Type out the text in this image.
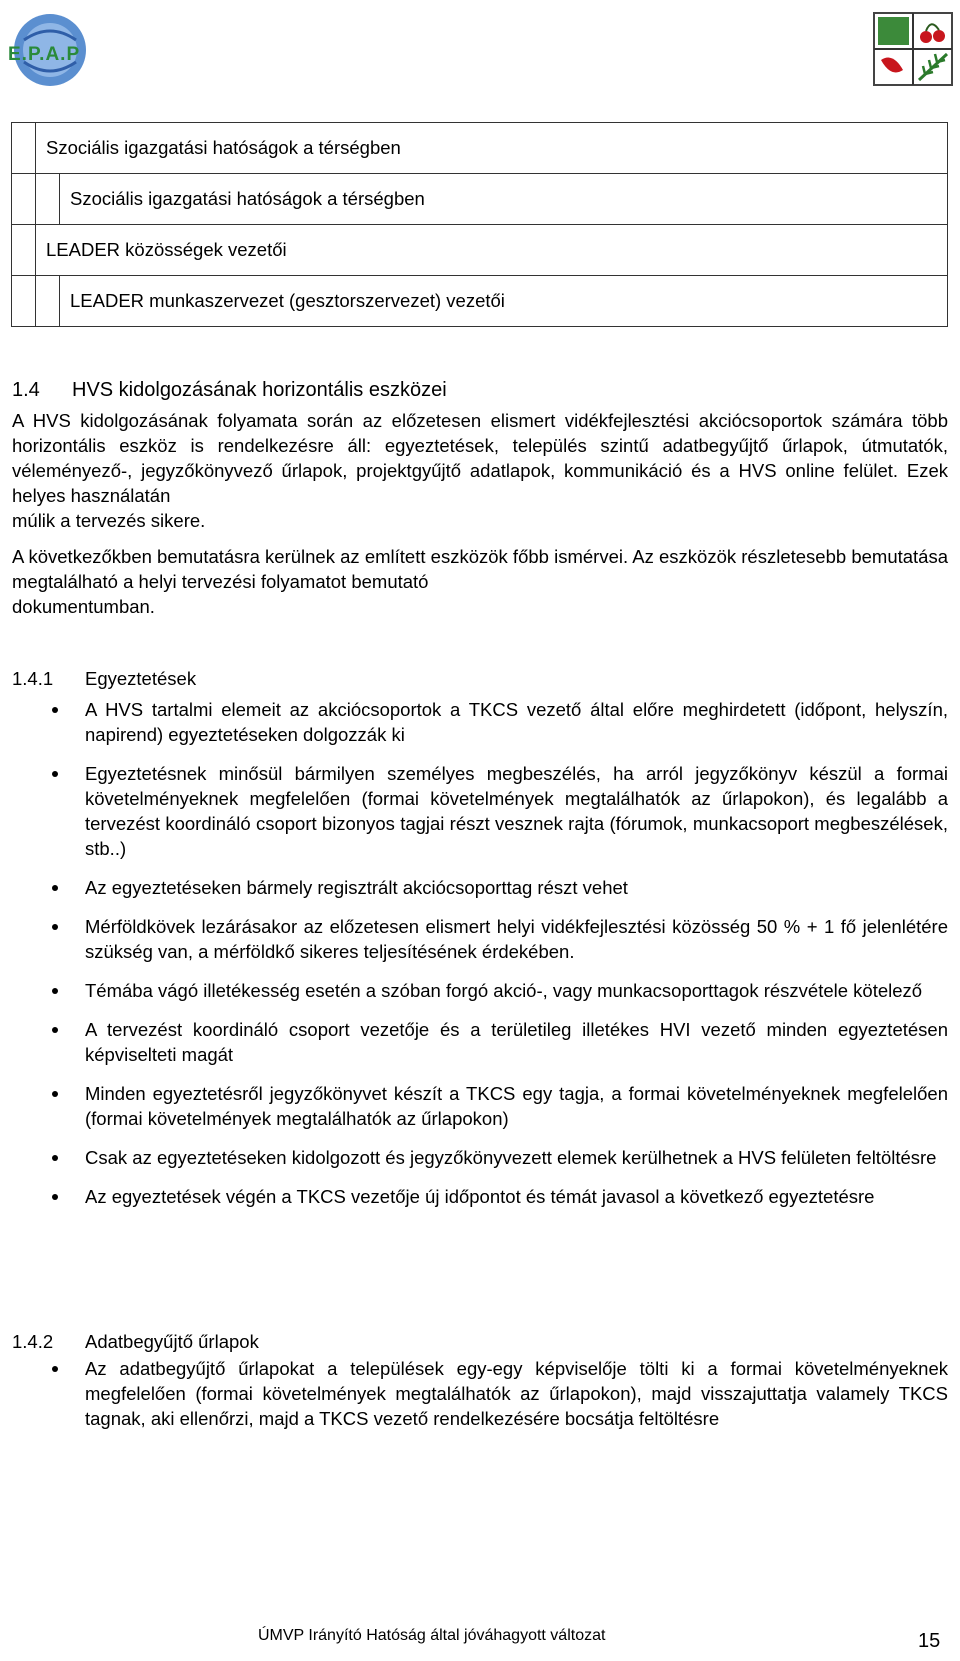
E.P.A.P
	Szociális igazgatási hatóságok a térségben	
		Szociális igazgatási hatóságok a térségben
	LEADER közösségek vezetői	
		LEADER munkaszervezet (gesztorszervezet) vezetői
1.4 HVS kidolgozásának horizontális eszközei
A HVS kidolgozásának folyamata során az előzetesen elismert vidékfejlesztési akciócsoportok számára több horizontális eszköz is rendelkezésre áll: egyeztetések, település szintű adatbegyűjtő űrlapok, útmutatók, véleményező-, jegyzőkönyvező űrlapok, projektgyűjtő adatlapok, kommunikáció és a HVS online felület. Ezek helyes használatán
múlik a tervezés sikere.
A következőkben bemutatásra kerülnek az említett eszközök főbb ismérvei. Az eszközök részletesebb bemutatása megtalálható a helyi tervezési folyamatot bemutató
dokumentumban.
1.4.1 Egyeztetések
A HVS tartalmi elemeit az akciócsoportok a TKCS vezető által előre meghirdetett (időpont, helyszín, napirend) egyeztetéseken dolgozzák ki
Egyeztetésnek minősül bármilyen személyes megbeszélés, ha arról jegyzőkönyv készül a formai követelményeknek megfelelően (formai követelmények megtalálhatók az űrlapokon), és legalább a tervezést koordináló csoport bizonyos tagjai részt vesznek rajta (fórumok, munkacsoport megbeszélések, stb..)
Az egyeztetéseken bármely regisztrált akciócsoporttag részt vehet
Mérföldkövek lezárásakor az előzetesen elismert helyi vidékfejlesztési közösség 50 % + 1 fő jelenlétére szükség van, a mérföldkő sikeres teljesítésének érdekében.
Témába vágó illetékesség esetén a szóban forgó akció-, vagy munkacsoporttagok részvétele kötelező
A tervezést koordináló csoport vezetője és a területileg illetékes HVI vezető minden egyeztetésen képviselteti magát
Minden egyeztetésről jegyzőkönyvet készít a TKCS egy tagja, a formai követelményeknek megfelelően (formai követelmények megtalálhatók az űrlapokon)
Csak az egyeztetéseken kidolgozott és jegyzőkönyvezett elemek kerülhetnek a HVS felületen feltöltésre
Az egyeztetések végén a TKCS vezetője új időpontot és témát javasol a következő egyeztetésre
1.4.2 Adatbegyűjtő űrlapok
Az adatbegyűjtő űrlapokat a települések egy-egy képviselője tölti ki a formai követelményeknek megfelelően (formai követelmények megtalálhatók az űrlapokon), majd visszajuttatja valamely TKCS tagnak, aki ellenőrzi, majd a TKCS vezető rendelkezésére bocsátja feltöltésre
ÚMVP Irányító Hatóság által jóváhagyott változat	15
